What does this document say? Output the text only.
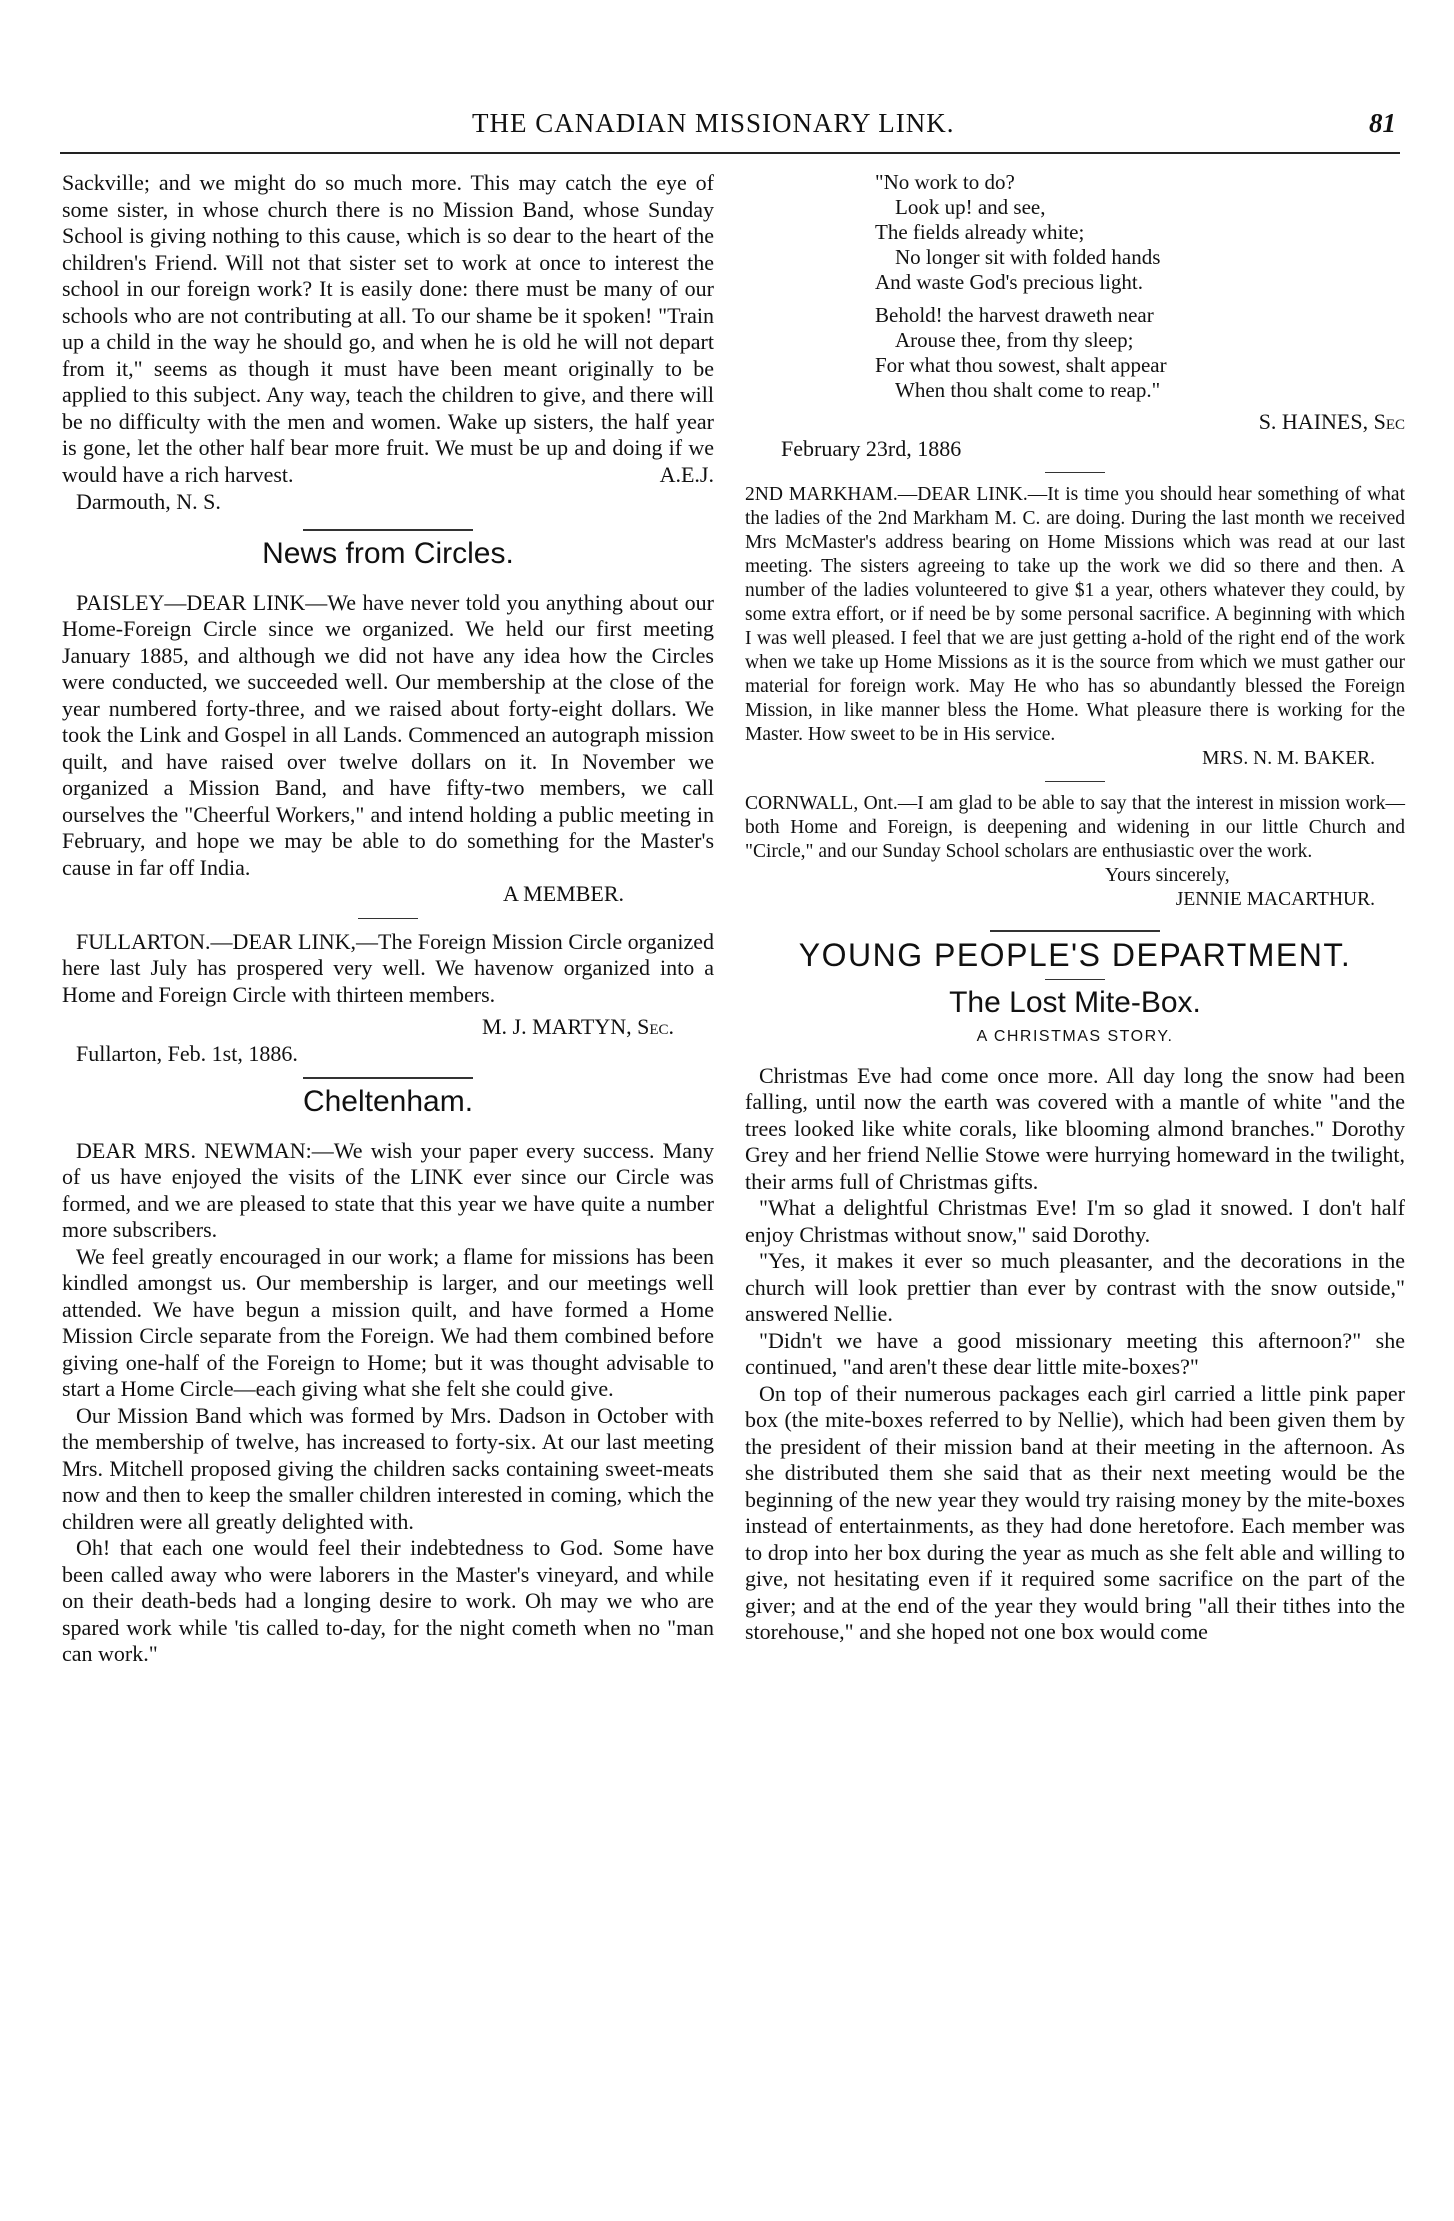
THE CANADIAN MISSIONARY LINK.	81

Sackville; and we might do so much more. This may catch the eye of some sister, in whose church there is no Mission Band, whose Sunday School is giving nothing to this cause, which is so dear to the heart of the children's Friend. Will not that sister set to work at once to interest the school in our foreign work? It is easily done: there must be many of our schools who are not contributing at all. To our shame be it spoken! "Train up a child in the way he should go, and when he is old he will not depart from it," seems as though it must have been meant originally to be applied to this subject. Any way, teach the children to give, and there will be no difficulty with the men and women. Wake up sisters, the half year is gone, let the other half bear more fruit. We must be up and doing if we would have a rich harvest.	A.E.J.

Darmouth, N. S.

News from Circles.

PAISLEY—DEAR LINK—We have never told you anything about our Home-Foreign Circle since we organized. We held our first meeting January 1885, and although we did not have any idea how the Circles were conducted, we succeeded well. Our membership at the close of the year numbered forty-three, and we raised about forty-eight dollars. We took the Link and Gospel in all Lands. Commenced an autograph mission quilt, and have raised over twelve dollars on it. In November we organized a Mission Band, and have fifty-two members, we call ourselves the "Cheerful Workers," and intend holding a public meeting in February, and hope we may be able to do something for the Master's cause in far off India.

A MEMBER.

FULLARTON.—DEAR LINK,—The Foreign Mission Circle organized here last July has prospered very well. We havenow organized into a Home and Foreign Circle with thirteen members.

M. J. MARTYN, Sec.

Fullarton, Feb. 1st, 1886.

Cheltenham.

DEAR MRS. NEWMAN:—We wish your paper every success. Many of us have enjoyed the visits of the LINK ever since our Circle was formed, and we are pleased to state that this year we have quite a number more subscribers.

We feel greatly encouraged in our work; a flame for missions has been kindled amongst us. Our membership is larger, and our meetings well attended. We have begun a mission quilt, and have formed a Home Mission Circle separate from the Foreign. We had them combined before giving one-half of the Foreign to Home; but it was thought advisable to start a Home Circle—each giving what she felt she could give.

Our Mission Band which was formed by Mrs. Dadson in October with the membership of twelve, has increased to forty-six. At our last meeting Mrs. Mitchell proposed giving the children sacks containing sweet-meats now and then to keep the smaller children interested in coming, which the children were all greatly delighted with.

Oh! that each one would feel their indebtedness to God. Some have been called away who were laborers in the Master's vineyard, and while on their death-beds had a longing desire to work. Oh may we who are spared work while 'tis called to-day, for the night cometh when no "man can work."

"No work to do?
Look up! and see,
The fields already white;
No longer sit with folded hands
And waste God's precious light.
Behold! the harvest draweth near
Arouse thee, from thy sleep;
For what thou sowest, shalt appear
When thou shalt come to reap."

S. HAINES, Sec

February 23rd, 1886

2ND MARKHAM.—DEAR LINK.—It is time you should hear something of what the ladies of the 2nd Markham M. C. are doing. During the last month we received Mrs McMaster's address bearing on Home Missions which was read at our last meeting. The sisters agreeing to take up the work we did so there and then. A number of the ladies volunteered to give $1 a year, others whatever they could, by some extra effort, or if need be by some personal sacrifice. A beginning with which I was well pleased. I feel that we are just getting a-hold of the right end of the work when we take up Home Missions as it is the source from which we must gather our material for foreign work. May He who has so abundantly blessed the Foreign Mission, in like manner bless the Home. What pleasure there is working for the Master. How sweet to be in His service.

MRS. N. M. BAKER.

CORNWALL, Ont.—I am glad to be able to say that the interest in mission work—both Home and Foreign, is deepening and widening in our little Church and "Circle," and our Sunday School scholars are enthusiastic over the work.

Yours sincerely,

JENNIE MACARTHUR.

YOUNG PEOPLE'S DEPARTMENT.
The Lost Mite-Box.
A CHRISTMAS STORY.

Christmas Eve had come once more. All day long the snow had been falling, until now the earth was covered with a mantle of white "and the trees looked like white corals, like blooming almond branches." Dorothy Grey and her friend Nellie Stowe were hurrying homeward in the twilight, their arms full of Christmas gifts.

"What a delightful Christmas Eve! I'm so glad it snowed. I don't half enjoy Christmas without snow," said Dorothy.

"Yes, it makes it ever so much pleasanter, and the decorations in the church will look prettier than ever by contrast with the snow outside," answered Nellie.

"Didn't we have a good missionary meeting this afternoon?" she continued, "and aren't these dear little mite-boxes?"

On top of their numerous packages each girl carried a little pink paper box (the mite-boxes referred to by Nellie), which had been given them by the president of their mission band at their meeting in the afternoon. As she distributed them she said that as their next meeting would be the beginning of the new year they would try raising money by the mite-boxes instead of entertainments, as they had done heretofore. Each member was to drop into her box during the year as much as she felt able and willing to give, not hesitating even if it required some sacrifice on the part of the giver; and at the end of the year they would bring "all their tithes into the storehouse," and she hoped not one box would come
